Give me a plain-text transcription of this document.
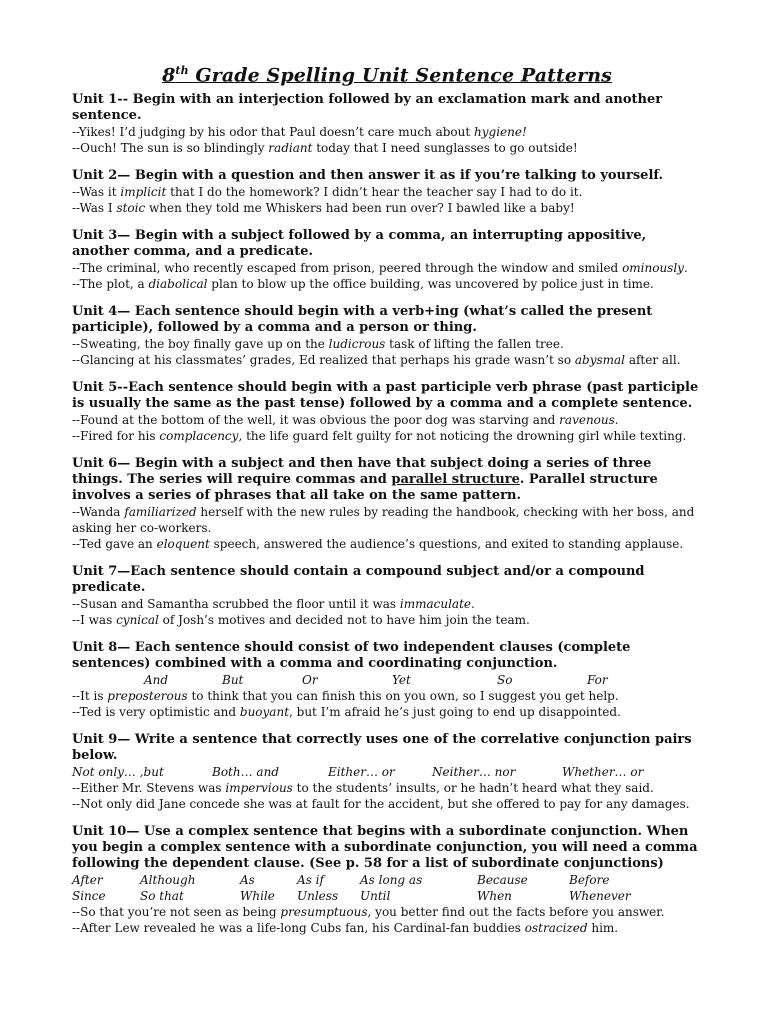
8th Grade Spelling Unit Sentence Patterns
Unit 1-- Begin with an interjection followed by an exclamation mark and another sentence.
--Yikes! I’d judging by his odor that Paul doesn’t care much about hygiene!
--Ouch! The sun is so blindingly radiant today that I need sunglasses to go outside!
Unit 2— Begin with a question and then answer it as if you’re talking to yourself.
--Was it implicit that I do the homework? I didn’t hear the teacher say I had to do it.
--Was I stoic when they told me Whiskers had been run over? I bawled like a baby!
Unit 3— Begin with a subject followed by a comma, an interrupting appositive, another comma, and a predicate.
--The criminal, who recently escaped from prison, peered through the window and smiled ominously.
--The plot, a diabolical plan to blow up the office building, was uncovered by police just in time.
Unit 4— Each sentence should begin with a verb+ing (what’s called the present participle), followed by a comma and a person or thing.
--Sweating, the boy finally gave up on the ludicrous task of lifting the fallen tree.
--Glancing at his classmates’ grades, Ed realized that perhaps his grade wasn’t so abysmal after all.
Unit 5--Each sentence should begin with a past participle verb phrase (past participle is usually the same as the past tense) followed by a comma and a complete sentence.
--Found at the bottom of the well, it was obvious the poor dog was starving and ravenous.
--Fired for his complacency, the life guard felt guilty for not noticing the drowning girl while texting.
Unit 6— Begin with a subject and then have that subject doing a series of three things. The series will require commas and parallel structure. Parallel structure involves a series of phrases that all take on the same pattern.
--Wanda familiarized herself with the new rules by reading the handbook, checking with her boss, and asking her co-workers.
--Ted gave an eloquent speech, answered the audience’s questions, and exited to standing applause.
Unit 7—Each sentence should contain a compound subject and/or a compound predicate.
--Susan and Samantha scrubbed the floor until it was immaculate.
--I was cynical of Josh’s motives and decided not to have him join the team.
Unit 8— Each sentence should consist of two independent clauses (complete sentences) combined with a comma and coordinating conjunction.
And	But	Or	Yet	So	For
--It is preposterous to think that you can finish this on you own, so I suggest you get help.
--Ted is very optimistic and buoyant, but I’m afraid he’s just going to end up disappointed.
Unit 9— Write a sentence that correctly uses one of the correlative conjunction pairs below.
Not only… ,but	Both… and	Either… or	Neither… nor	Whether… or
--Either Mr. Stevens was impervious to the students’ insults, or he hadn’t heard what they said.
--Not only did Jane concede she was at fault for the accident, but she offered to pay for any damages.
Unit 10— Use a complex sentence that begins with a subordinate conjunction. When you begin a complex sentence with a subordinate conjunction, you will need a comma following the dependent clause. (See p. 58 for a list of subordinate conjunctions)
After	Although	As	As if	As long as	Because	Before
Since	So that	While Unless Until	When	Whenever
--So that you’re not seen as being presumptuous, you better find out the facts before you answer.
--After Lew revealed he was a life-long Cubs fan, his Cardinal-fan buddies ostracized him.
